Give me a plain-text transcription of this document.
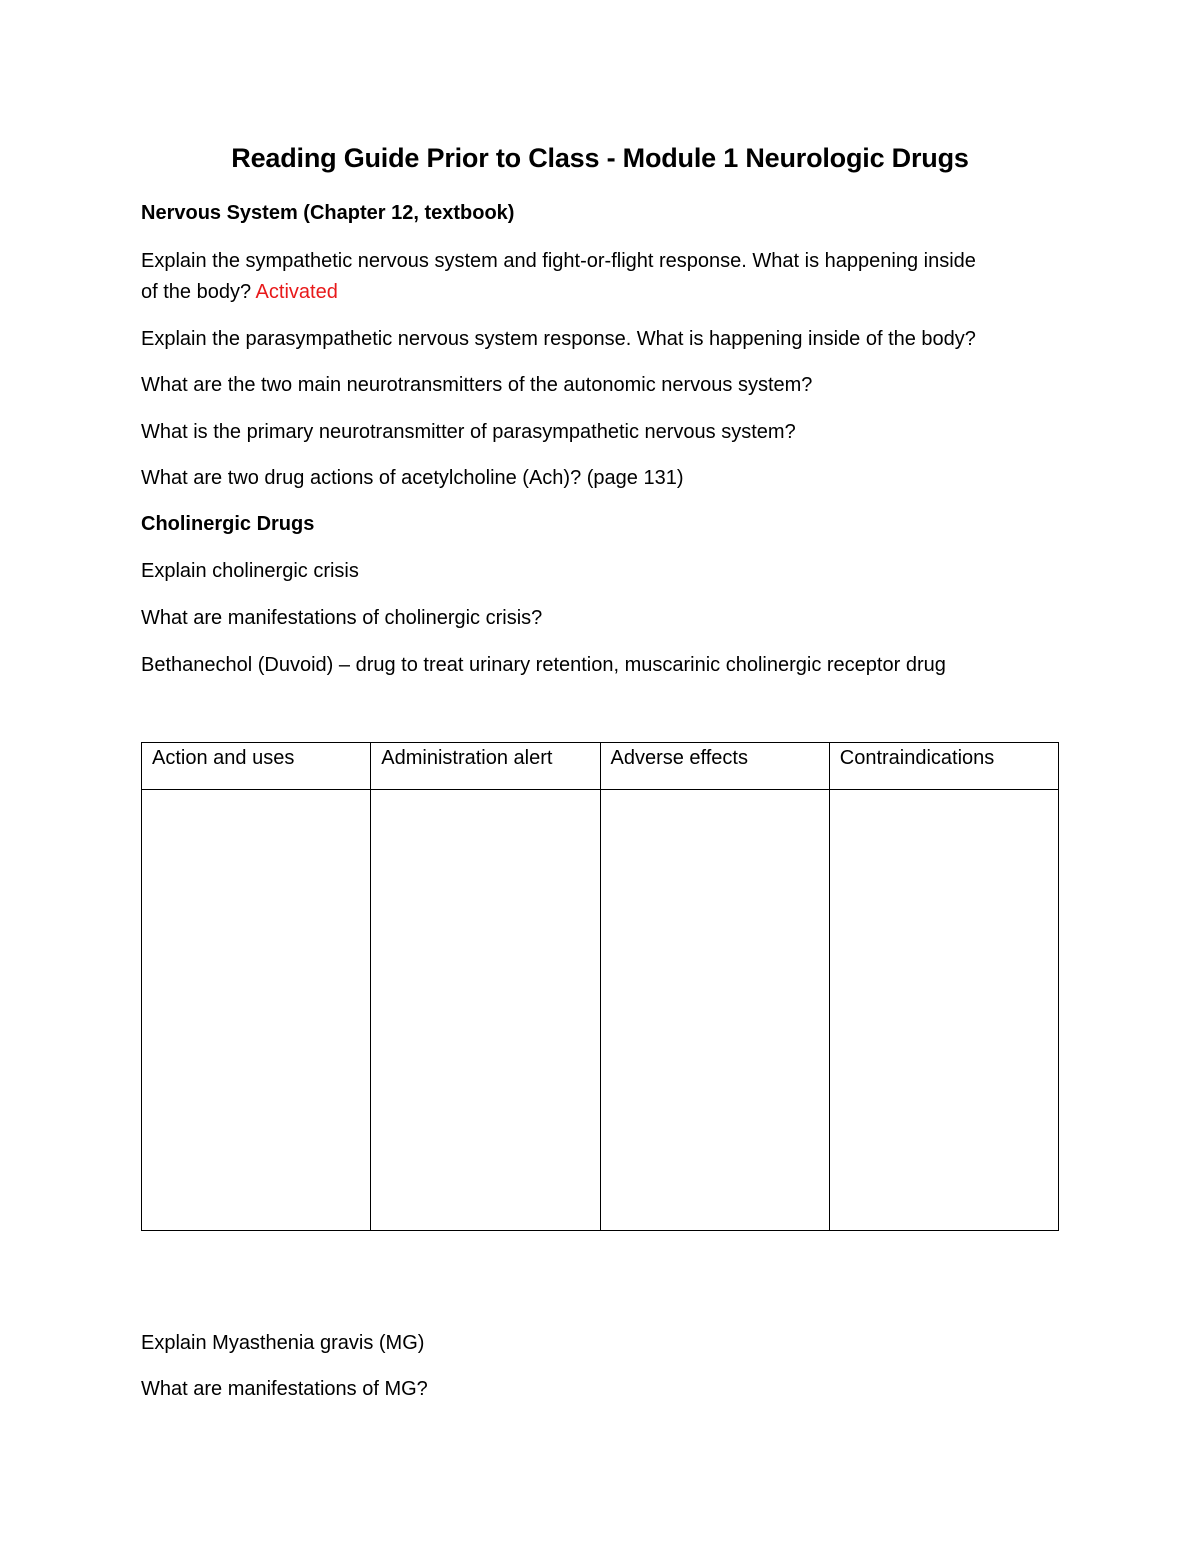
Reading Guide Prior to Class - Module 1 Neurologic Drugs
Nervous System (Chapter 12, textbook)
Explain the sympathetic nervous system and fight-or-flight response. What is happening inside
of the body? Activated
Explain the parasympathetic nervous system response. What is happening inside of the body?
What are the two main neurotransmitters of the autonomic nervous system?
What is the primary neurotransmitter of parasympathetic nervous system?
What are two drug actions of acetylcholine (Ach)? (page 131)
Cholinergic Drugs
Explain cholinergic crisis
What are manifestations of cholinergic crisis?
Bethanechol (Duvoid) – drug to treat urinary retention, muscarinic cholinergic receptor drug
Action and uses	Administration alert	Adverse effects	Contraindications

Explain Myasthenia gravis (MG)
What are manifestations of MG?
